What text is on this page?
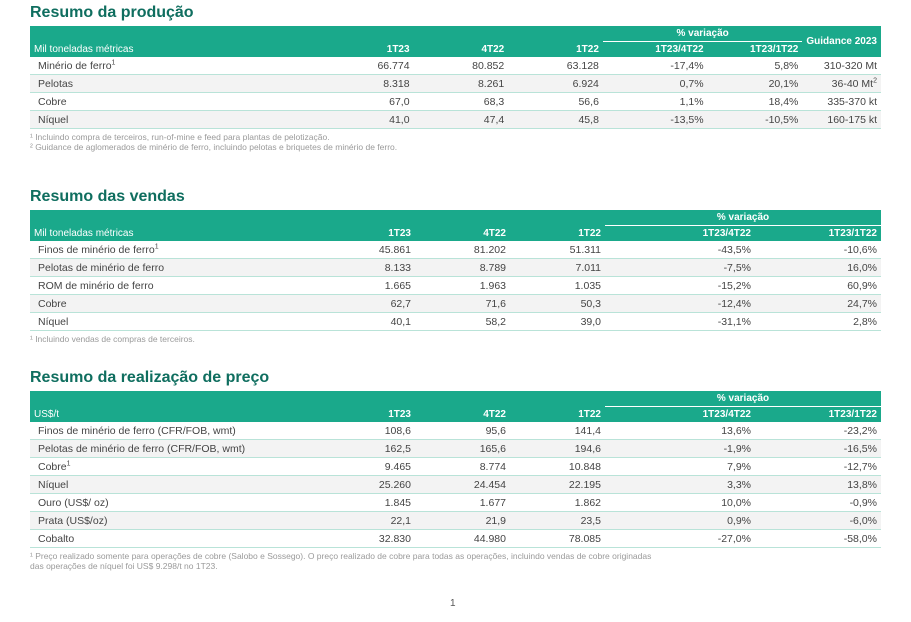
Resumo da produção
				% variação		Guidance 2023
Mil toneladas métricas	1T23	4T22	1T22	1T23/4T22	1T23/1T22	
Minério de ferro$^1$	66.774	80.852	63.128	-17,4%	5,8%	310-320 Mt
Pelotas	8.318	8.261	6.924	0,7%	20,1%	36-40 Mt$^2$
Cobre	67,0	68,3	56,6	1,1%	18,4%	335-370 kt
Níquel	41,0	47,4	45,8	-13,5%	-10,5%	160-175 kt
¹ Incluindo compra de terceiros, run-of-mine e feed para plantas de pelotização.
² Guidance de aglomerados de minério de ferro, incluindo pelotas e briquetes de minério de ferro.
Resumo das vendas
				% variação	
Mil toneladas métricas	1T23	4T22	1T22	1T23/4T22	1T23/1T22
Finos de minério de ferro$^1$	45.861	81.202	51.311	-43,5%	-10,6%
Pelotas de minério de ferro	8.133	8.789	7.011	-7,5%	16,0%
ROM de minério de ferro	1.665	1.963	1.035	-15,2%	60,9%
Cobre	62,7	71,6	50,3	-12,4%	24,7%
Níquel	40,1	58,2	39,0	-31,1%	2,8%
¹ Incluindo vendas de compras de terceiros.
Resumo da realização de preço
				% variação	
US$/t	1T23	4T22	1T22	1T23/4T22	1T23/1T22
Finos de minério de ferro (CFR/FOB, wmt)	108,6	95,6	141,4	13,6%	-23,2%
Pelotas de minério de ferro (CFR/FOB, wmt)	162,5	165,6	194,6	-1,9%	-16,5%
Cobre$^1$	9.465	8.774	10.848	7,9%	-12,7%
Níquel	25.260	24.454	22.195	3,3%	13,8%
Ouro (US$/ oz)	1.845	1.677	1.862	10,0%	-0,9%
Prata (US$/oz)	22,1	21,9	23,5	0,9%	-6,0%
Cobalto	32.830	44.980	78.085	-27,0%	-58,0%
¹ Preço realizado somente para operações de cobre (Salobo e Sossego). O preço realizado de cobre para todas as operações, incluindo vendas de cobre originadas
das operações de níquel foi US$ 9.298/t no 1T23.
1
